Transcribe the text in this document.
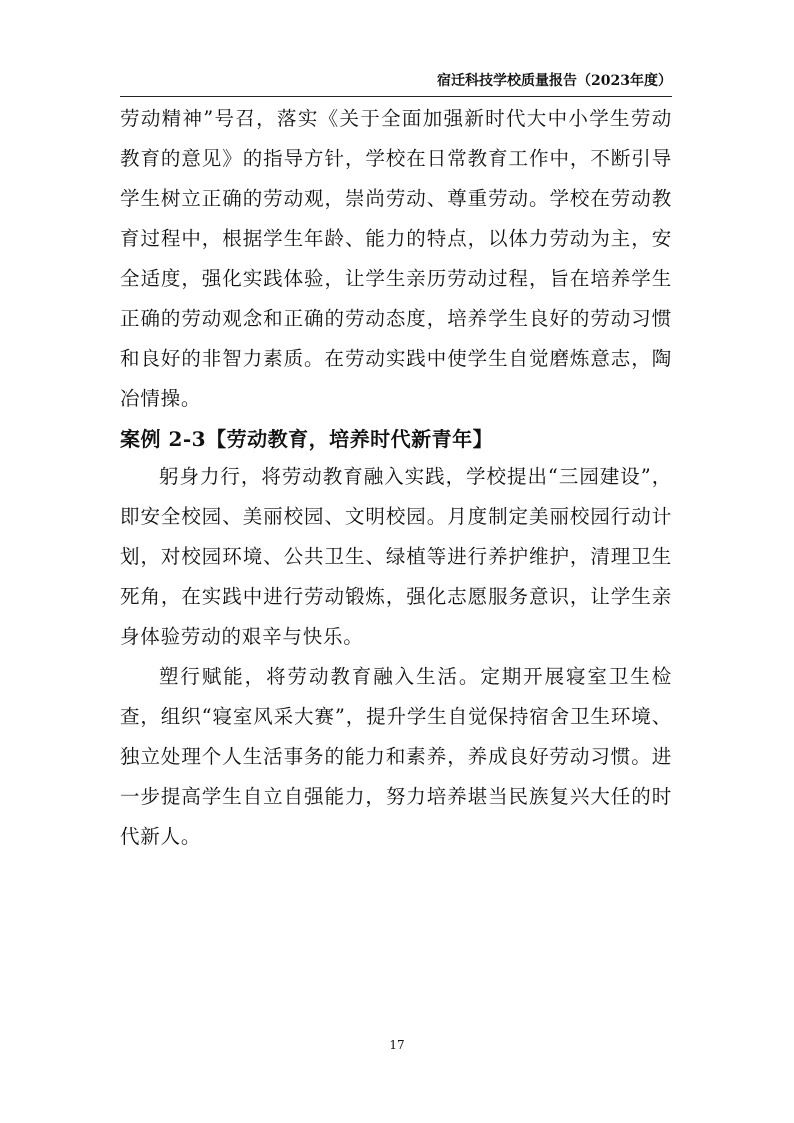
宿迁科技学校质量报告（2023年度）

劳动精神”号召，落实《关于全面加强新时代大中小学生劳动教育的意见》的指导方针，学校在日常教育工作中，不断引导学生树立正确的劳动观，崇尚劳动、尊重劳动。学校在劳动教育过程中，根据学生年龄、能力的特点，以体力劳动为主，安全适度，强化实践体验，让学生亲历劳动过程，旨在培养学生正确的劳动观念和正确的劳动态度，培养学生良好的劳动习惯和良好的非智力素质。在劳动实践中使学生自觉磨炼意志，陶冶情操。

案例 2-3【劳动教育，培养时代新青年】

躬身力行，将劳动教育融入实践，学校提出“三园建设”，即安全校园、美丽校园、文明校园。月度制定美丽校园行动计划，对校园环境、公共卫生、绿植等进行养护维护，清理卫生死角，在实践中进行劳动锻炼，强化志愿服务意识，让学生亲身体验劳动的艰辛与快乐。

塑行赋能，将劳动教育融入生活。定期开展寝室卫生检查，组织“寝室风采大赛”，提升学生自觉保持宿舍卫生环境、独立处理个人生活事务的能力和素养，养成良好劳动习惯。进一步提高学生自立自强能力，努力培养堪当民族复兴大任的时代新人。

17
